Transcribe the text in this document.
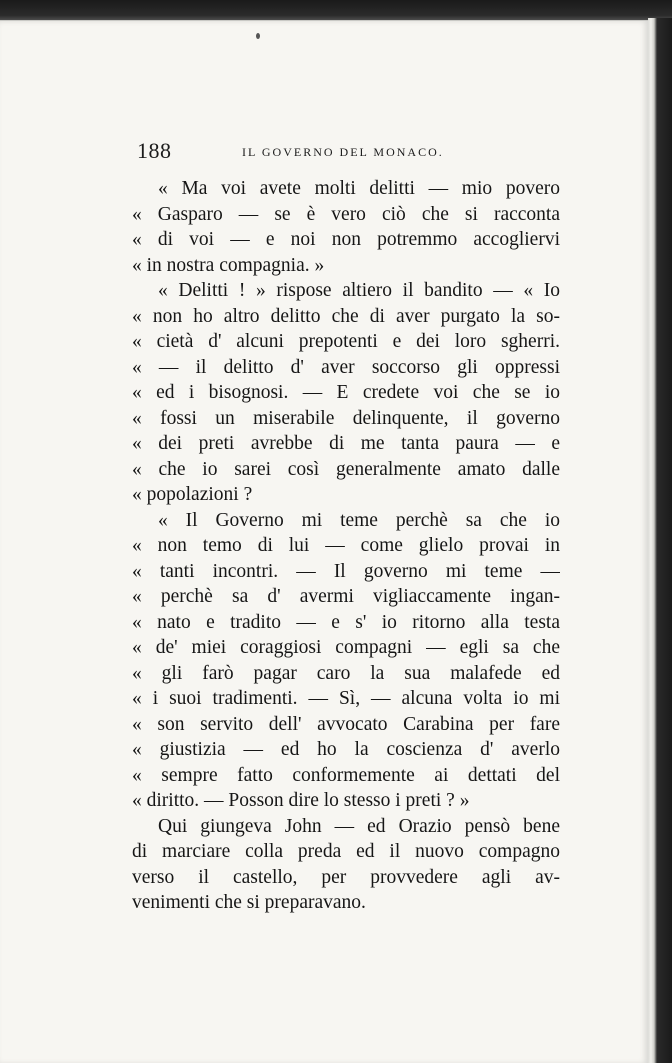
188	IL GOVERNO DEL MONACO.
« Ma voi avete molti delitti — mio povero
« Gasparo — se è vero ciò che si racconta
« di voi — e noi non potremmo accogliervi
« in nostra compagnia. »
« Delitti ! » rispose altiero il bandito — « Io
« non ho altro delitto che di aver purgato la so-
« cietà d' alcuni prepotenti e dei loro sgherri.
« — il delitto d' aver soccorso gli oppressi
« ed i bisognosi. — E credete voi che se io
« fossi un miserabile delinquente, il governo
« dei preti avrebbe di me tanta paura — e
« che io sarei così generalmente amato dalle
« popolazioni ?
« Il Governo mi teme perchè sa che io
« non temo di lui — come glielo provai in
« tanti incontri. — Il governo mi teme —
« perchè sa d' avermi vigliaccamente ingan-
« nato e tradito — e s' io ritorno alla testa
« de' miei coraggiosi compagni — egli sa che
« gli farò pagar caro la sua malafede ed
« i suoi tradimenti. — Sì, — alcuna volta io mi
« son servito dell' avvocato Carabina per fare
« giustizia — ed ho la coscienza d' averlo
« sempre fatto conformemente ai dettati del
« diritto. — Posson dire lo stesso i preti ? »
Qui giungeva John — ed Orazio pensò bene
di marciare colla preda ed il nuovo compagno
verso il castello, per provvedere agli av-
venimenti che si preparavano.
